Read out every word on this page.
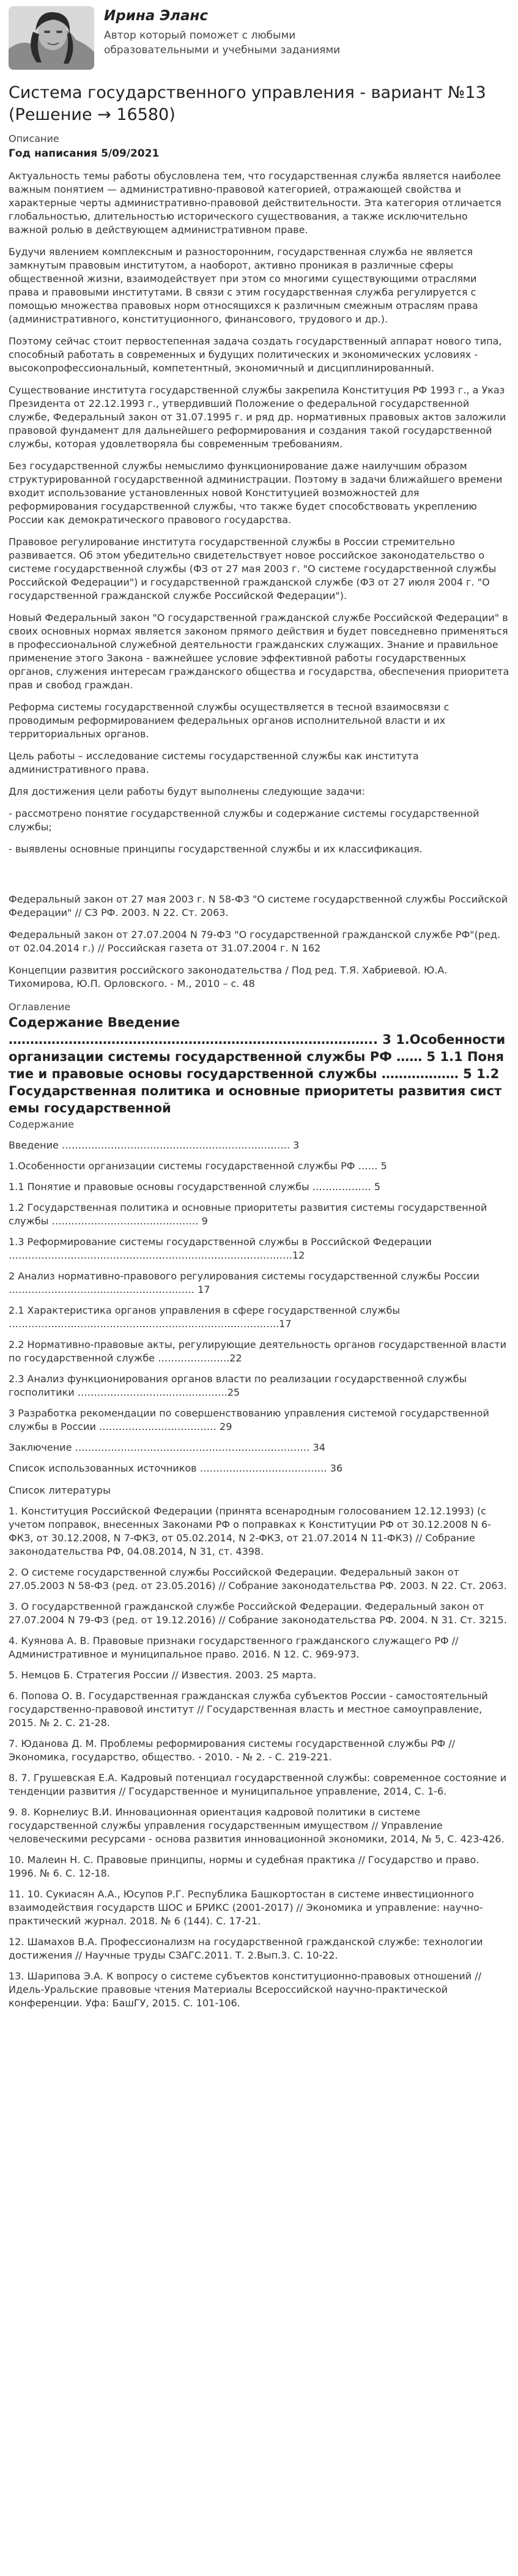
Ирина Эланс
Автор который поможет с любыми образовательными и учебными заданиями
Система государственного управления - вариант №13 (Решение → 16580)
Описание
Год написания 5/09/2021

Актуальность темы работы обусловлена тем, что государственная служба является наиболее важным понятием — административно-правовой категорией, отражающей свойства и характерные черты административно-правовой действительности. Эта категория отличается глобальностью, длительностью исторического существования, а также исключительно важной ролью в действующем административном праве.

Будучи явлением комплексным и разносторонним, государственная служба не является замкнутым правовым институтом, а наоборот, активно проникая в различные сферы общественной жизни, взаимодействует при этом со многими существующими отраслями права и правовыми институтами. В связи с этим государственная служба регулируется с помощью множества правовых норм относящихся к различным смежным отраслям права (административного, конституционного, финансового, трудового и др.).

Поэтому сейчас стоит первостепенная задача создать государственный аппарат нового типа, способный работать в современных и будущих политических и экономических условиях - высокопрофессиональный, компетентный, экономичный и дисциплинированный.

Существование института государственной службы закрепила Конституция РФ 1993 г., а Указ Президента от 22.12.1993 г., утвердивший Положение о федеральной государственной службе, Федеральный закон от 31.07.1995 г. и ряд др. нормативных правовых актов заложили правовой фундамент для дальнейшего реформирования и создания такой государственной службы, которая удовлетворяла бы современным требованиям.

Без государственной службы немыслимо функционирование даже наилучшим образом структурированной государственной администрации. Поэтому в задачи ближайшего времени входит использование установленных новой Конституцией возможностей для реформирования государственной службы, что также будет способствовать укреплению России как демократического правового государства.

Правовое регулирование института государственной службы в России стремительно развивается. Об этом убедительно свидетельствует новое российское законодательство о системе государственной службы (ФЗ от 27 мая 2003 г. "О системе государственной службы Российской Федерации") и государственной гражданской службе (ФЗ от 27 июля 2004 г. "О государственной гражданской службе Российской Федерации").

Новый Федеральный закон "О государственной гражданской службе Российской Федерации" в своих основных нормах является законом прямого действия и будет повседневно применяться в профессиональной служебной деятельности гражданских служащих. Знание и правильное применение этого Закона - важнейшее условие эффективной работы государственных органов, служения интересам гражданского общества и государства, обеспечения приоритета прав и свобод граждан.

Реформа системы государственной службы осуществляется в тесной взаимосвязи с проводимым реформированием федеральных органов исполнительной власти и их территориальных органов.

Цель работы – исследование системы государственной службы как института административного права.

Для достижения цели работы будут выполнены следующие задачи:

- рассмотрено понятие государственной службы и содержание системы государственной службы;

- выявлены основные принципы государственной службы и их классификация.

Федеральный закон от 27 мая 2003 г. N 58-ФЗ "О системе государственной службы Российской Федерации" // СЗ РФ. 2003. N 22. Ст. 2063.

Федеральный закон от 27.07.2004 N 79-ФЗ "О государственной гражданской службе РФ"(ред. от 02.04.2014 г.) // Российская газета от 31.07.2004 г. N 162

Концепции развития российского законодательства / Под ред. Т.Я. Хабриевой. Ю.А. Тихомирова, Ю.П. Орловского. - М., 2010 – с. 48

Оглавление
Содержание Введение
………………………………………………………………………….. 3 1.Особенности организации системы государственной службы РФ …… 5 1.1 Понятие и правовые основы государственной службы ……………… 5 1.2 Государственная политика и основные приоритеты развития системы государственной
Содержание
Введение ……………………………………………………………. 3
1.Особенности организации системы государственной службы РФ …… 5
1.1 Понятие и правовые основы государственной службы ……………… 5
1.2 Государственная политика и основные приоритеты развития системы государственной службы ……………………………………… 9
1.3 Реформирование системы государственной службы в Российской Федерации ……………………………………………………………………………12
2 Анализ нормативно-правового регулирования системы государственной службы России ………………………………………………… 17
2.1 Характеристика органов управления в сфере государственной службы ………………………………………………………………………..17
2.2 Нормативно-правовые акты, регулирующие деятельность органов государственной власти по государственной службе ………………….22
2.3 Анализ функционирования органов власти по реализации государственной службы госполитики ……………………………………….25
3 Разработка рекомендации по совершенствованию управления системой государственной службы в России ……………………………… 29
Заключение ……………………………………………………………… 34
Список использованных источников ………………………………… 36
Список литературы
1. Конституция Российской Федерации (принята всенародным голосованием 12.12.1993) (с учетом поправок, внесенных Законами РФ о поправках к Конституции РФ от 30.12.2008 N 6-ФКЗ, от 30.12.2008, N 7-ФКЗ, от 05.02.2014, N 2-ФКЗ, от 21.07.2014 N 11-ФКЗ) // Собрание законодательства РФ, 04.08.2014, N 31, ст. 4398.
2. О системе государственной службы Российской Федерации. Федеральный закон от 27.05.2003 N 58-ФЗ (ред. от 23.05.2016) // Собрание законодательства РФ. 2003. N 22. Ст. 2063.
3. О государственной гражданской службе Российской Федерации. Федеральный закон от 27.07.2004 N 79-ФЗ (ред. от 19.12.2016) // Собрание законодательства РФ. 2004. N 31. Ст. 3215.
4. Куянова А. В. Правовые признаки государственного гражданского служащего РФ // Административное и муниципальное право. 2016. N 12. С. 969-973.
5. Немцов Б. Стратегия России // Известия. 2003. 25 марта.
6. Попова О. В. Государственная гражданская служба субъектов России - самостоятельный государственно-правовой институт // Государственная власть и местное самоуправление, 2015. № 2. С. 21-28.
7. Юданова Д. М. Проблемы реформирования системы государственной службы РФ // Экономика, государство, общество. - 2010. - № 2. - С. 219-221.
8. 7. Грушевская Е.А. Кадровый потенциал государственной службы: современное состояние и тенденции развития // Государственное и муниципальное управление, 2014, С. 1-6.
9. 8. Корнелиус В.И. Инновационная ориентация кадровой политики в системе государственной службы управления государственным имуществом // Управление человеческими ресурсами - основа развития инновационной экономики, 2014, № 5, С. 423-426.
10. Малеин Н. С. Правовые принципы, нормы и судебная практика // Государство и право. 1996. № 6. С. 12-18.
11. 10. Сукиасян А.А., Юсупов Р.Г. Республика Башкортостан в системе инвестиционного взаимодействия государств ШОС и БРИКС (2001-2017) // Экономика и управление: научно-практический журнал. 2018. № 6 (144). С. 17-21.
12. Шамахов В.А. Профессионализм на государственной гражданской службе: технологии достижения // Научные труды СЗАГС.2011. Т. 2.Вып.3. С. 10-22.
13. Шарипова Э.А. К вопросу о системе субъектов конституционно-правовых отношений // Идель-Уральские правовые чтения Материалы Всероссийской научно-практической конференции. Уфа: БашГУ, 2015. С. 101-106.
